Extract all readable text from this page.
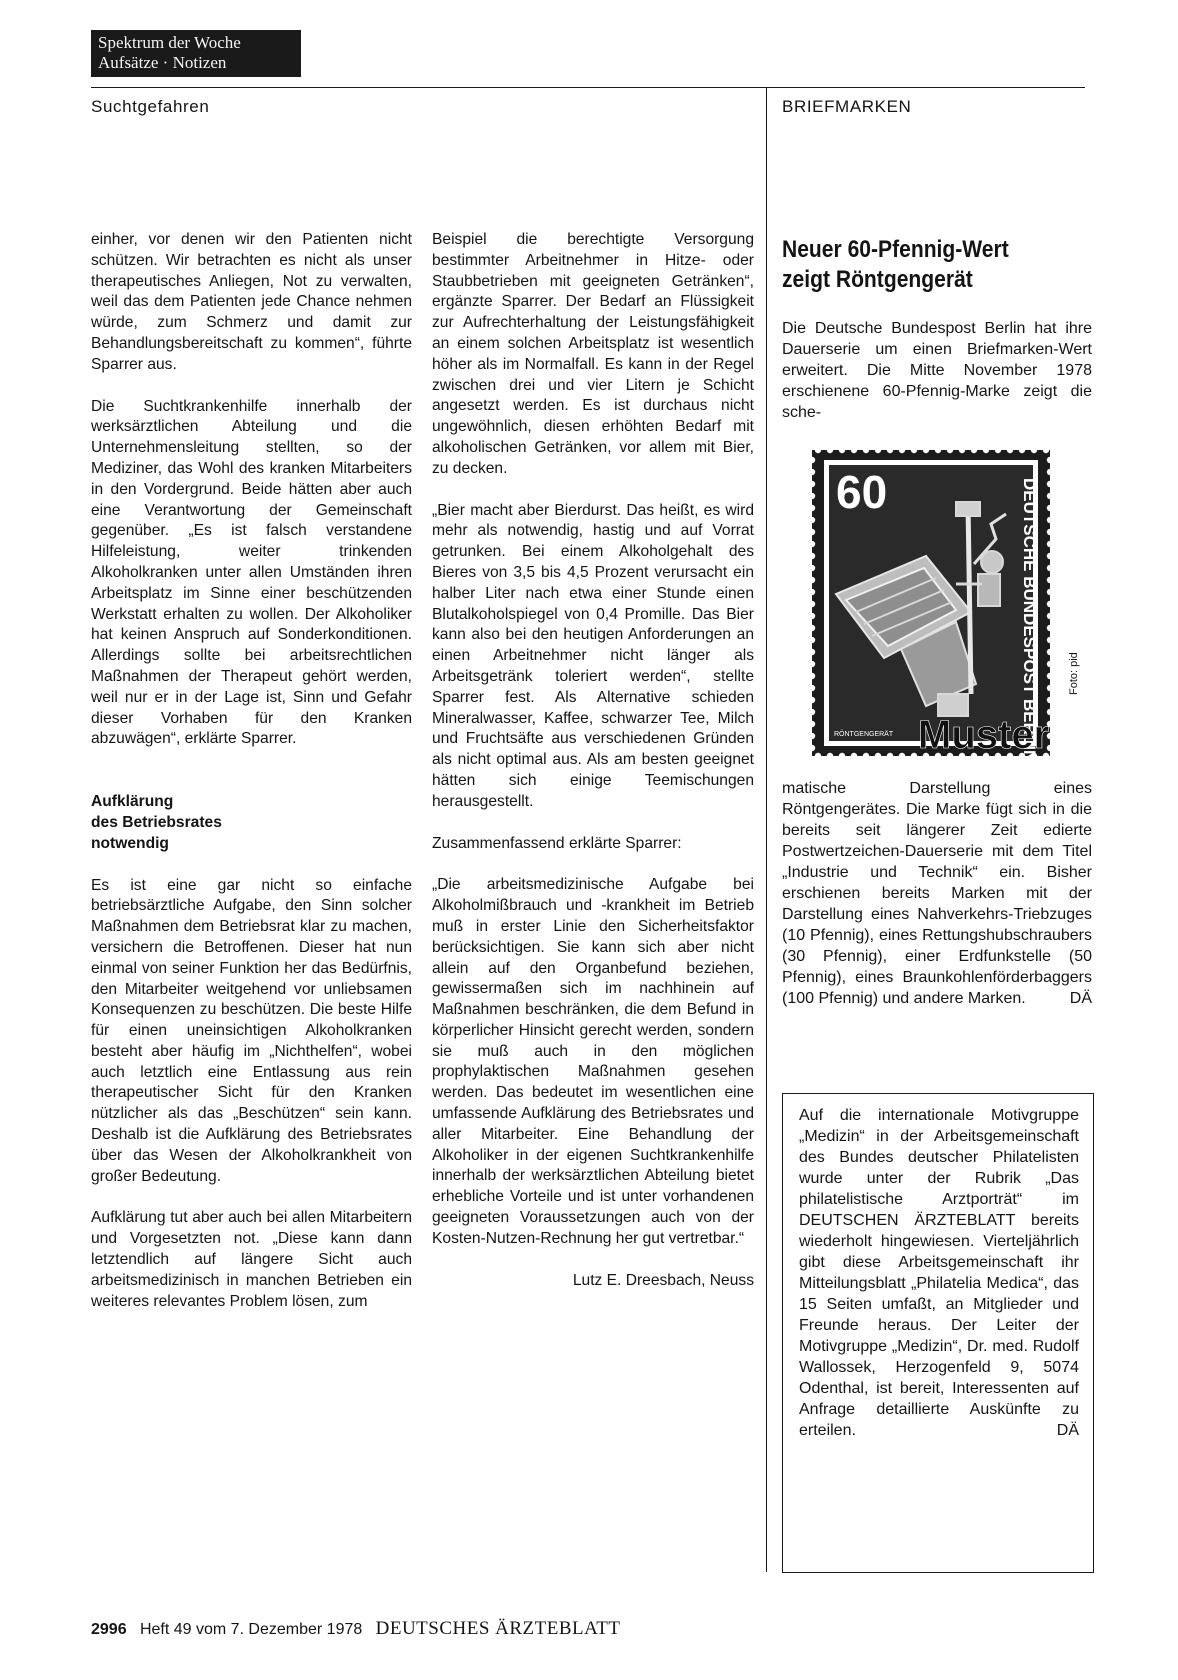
Spektrum der Woche
Aufsätze · Notizen
Suchtgefahren	BRIEFMARKEN

einher, vor denen wir den Patienten nicht schützen. Wir betrachten es nicht als unser therapeutisches Anliegen, Not zu verwalten, weil das dem Patienten jede Chance nehmen würde, zum Schmerz und damit zur Behandlungsbereitschaft zu kommen“, führte Sparrer aus.

Die Suchtkrankenhilfe innerhalb der werksärztlichen Abteilung und die Unternehmensleitung stellten, so der Mediziner, das Wohl des kranken Mitarbeiters in den Vordergrund. Beide hätten aber auch eine Verantwortung der Gemeinschaft gegenüber. „Es ist falsch verstandene Hilfeleistung, weiter trinkenden Alkoholkranken unter allen Umständen ihren Arbeitsplatz im Sinne einer beschützenden Werkstatt erhalten zu wollen. Der Alkoholiker hat keinen Anspruch auf Sonderkonditionen. Allerdings sollte bei arbeitsrechtlichen Maßnahmen der Therapeut gehört werden, weil nur er in der Lage ist, Sinn und Gefahr dieser Vorhaben für den Kranken abzuwägen“, erklärte Sparrer.

Aufklärung

des Betriebsrates

notwendig

Es ist eine gar nicht so einfache betriebsärztliche Aufgabe, den Sinn solcher Maßnahmen dem Betriebsrat klar zu machen, versichern die Betroffenen. Dieser hat nun einmal von seiner Funktion her das Bedürfnis, den Mitarbeiter weitgehend vor unliebsamen Konsequenzen zu beschützen. Die beste Hilfe für einen uneinsichtigen Alkoholkranken besteht aber häufig im „Nichthelfen“, wobei auch letztlich eine Entlassung aus rein therapeutischer Sicht für den Kranken nützlicher als das „Beschützen“ sein kann. Deshalb ist die Aufklärung des Betriebsrates über das Wesen der Alkoholkrankheit von großer Bedeutung.

Aufklärung tut aber auch bei allen Mitarbeitern und Vorgesetzten not. „Diese kann dann letztendlich auf längere Sicht auch arbeitsmedizinisch in manchen Betrieben ein weiteres relevantes Problem lösen, zum

Beispiel die berechtigte Versorgung bestimmter Arbeitnehmer in Hitze- oder Staubbetrieben mit geeigneten Getränken“, ergänzte Sparrer. Der Bedarf an Flüssigkeit zur Aufrechterhaltung der Leistungsfähigkeit an einem solchen Arbeitsplatz ist wesentlich höher als im Normalfall. Es kann in der Regel zwischen drei und vier Litern je Schicht angesetzt werden. Es ist durchaus nicht ungewöhnlich, diesen erhöhten Bedarf mit alkoholischen Getränken, vor allem mit Bier, zu decken.

„Bier macht aber Bierdurst. Das heißt, es wird mehr als notwendig, hastig und auf Vorrat getrunken. Bei einem Alkoholgehalt des Bieres von 3,5 bis 4,5 Prozent verursacht ein halber Liter nach etwa einer Stunde einen Blutalkoholspiegel von 0,4 Promille. Das Bier kann also bei den heutigen Anforderungen an einen Arbeitnehmer nicht länger als Arbeitsgetränk toleriert werden“, stellte Sparrer fest. Als Alternative schieden Mineralwasser, Kaffee, schwarzer Tee, Milch und Fruchtsäfte aus verschiedenen Gründen als nicht optimal aus. Als am besten geeignet hätten sich einige Teemischungen herausgestellt.

Zusammenfassend erklärte Sparrer:

„Die arbeitsmedizinische Aufgabe bei Alkoholmißbrauch und -krankheit im Betrieb muß in erster Linie den Sicherheitsfaktor berücksichtigen. Sie kann sich aber nicht allein auf den Organbefund beziehen, gewissermaßen sich im nachhinein auf Maßnahmen beschränken, die dem Befund in körperlicher Hinsicht gerecht werden, sondern sie muß auch in den möglichen prophylaktischen Maßnahmen gesehen werden. Das bedeutet im wesentlichen eine umfassende Aufklärung des Betriebsrates und aller Mitarbeiter. Eine Behandlung der Alkoholiker in der eigenen Suchtkrankenhilfe innerhalb der werksärztlichen Abteilung bietet erhebliche Vorteile und ist unter vorhandenen geeigneten Voraussetzungen auch von der Kosten-Nutzen-Rechnung her gut vertretbar.“

Lutz E. Dreesbach, Neuss
Neuer 60-Pfennig-Wert
zeigt Röntgengerät

Die Deutsche Bundespost Berlin hat ihre Dauerserie um einen Briefmarken-Wert erweitert. Die Mitte November 1978 erschienene 60-Pfennig-Marke zeigt die sche-

60	DEUTSCHE BUNDESPOST BERLIN
RÖNTGENGERÄT Muster
Foto: pid

matische Darstellung eines Röntgengerätes. Die Marke fügt sich in die bereits seit längerer Zeit edierte Postwertzeichen-Dauerserie mit dem Titel „Industrie und Technik“ ein. Bisher erschienen bereits Marken mit der Darstellung eines Nahverkehrs-Triebzuges (10 Pfennig), eines Rettungshubschraubers (30 Pfennig), einer Erdfunkstelle (50 Pfennig), eines Braunkohlenförderbaggers (100 Pfennig) und andere Marken.	DÄ

Auf die internationale Motivgruppe „Medizin“ in der Arbeitsgemeinschaft des Bundes deutscher Philatelisten wurde unter der Rubrik „Das philatelistische Arztporträt“ im DEUTSCHEN ÄRZTEBLATT bereits wiederholt hingewiesen. Vierteljährlich gibt diese Arbeitsgemeinschaft ihr Mitteilungsblatt „Philatelia Medica“, das 15 Seiten umfaßt, an Mitglieder und Freunde heraus. Der Leiter der Motivgruppe „Medizin“, Dr. med. Rudolf Wallossek, Herzogenfeld 9, 5074 Odenthal, ist bereit, Interessenten auf Anfrage detaillierte Auskünfte zu erteilen.	DÄ
2996 Heft 49 vom 7. Dezember 1978 DEUTSCHES ÄRZTEBLATT
